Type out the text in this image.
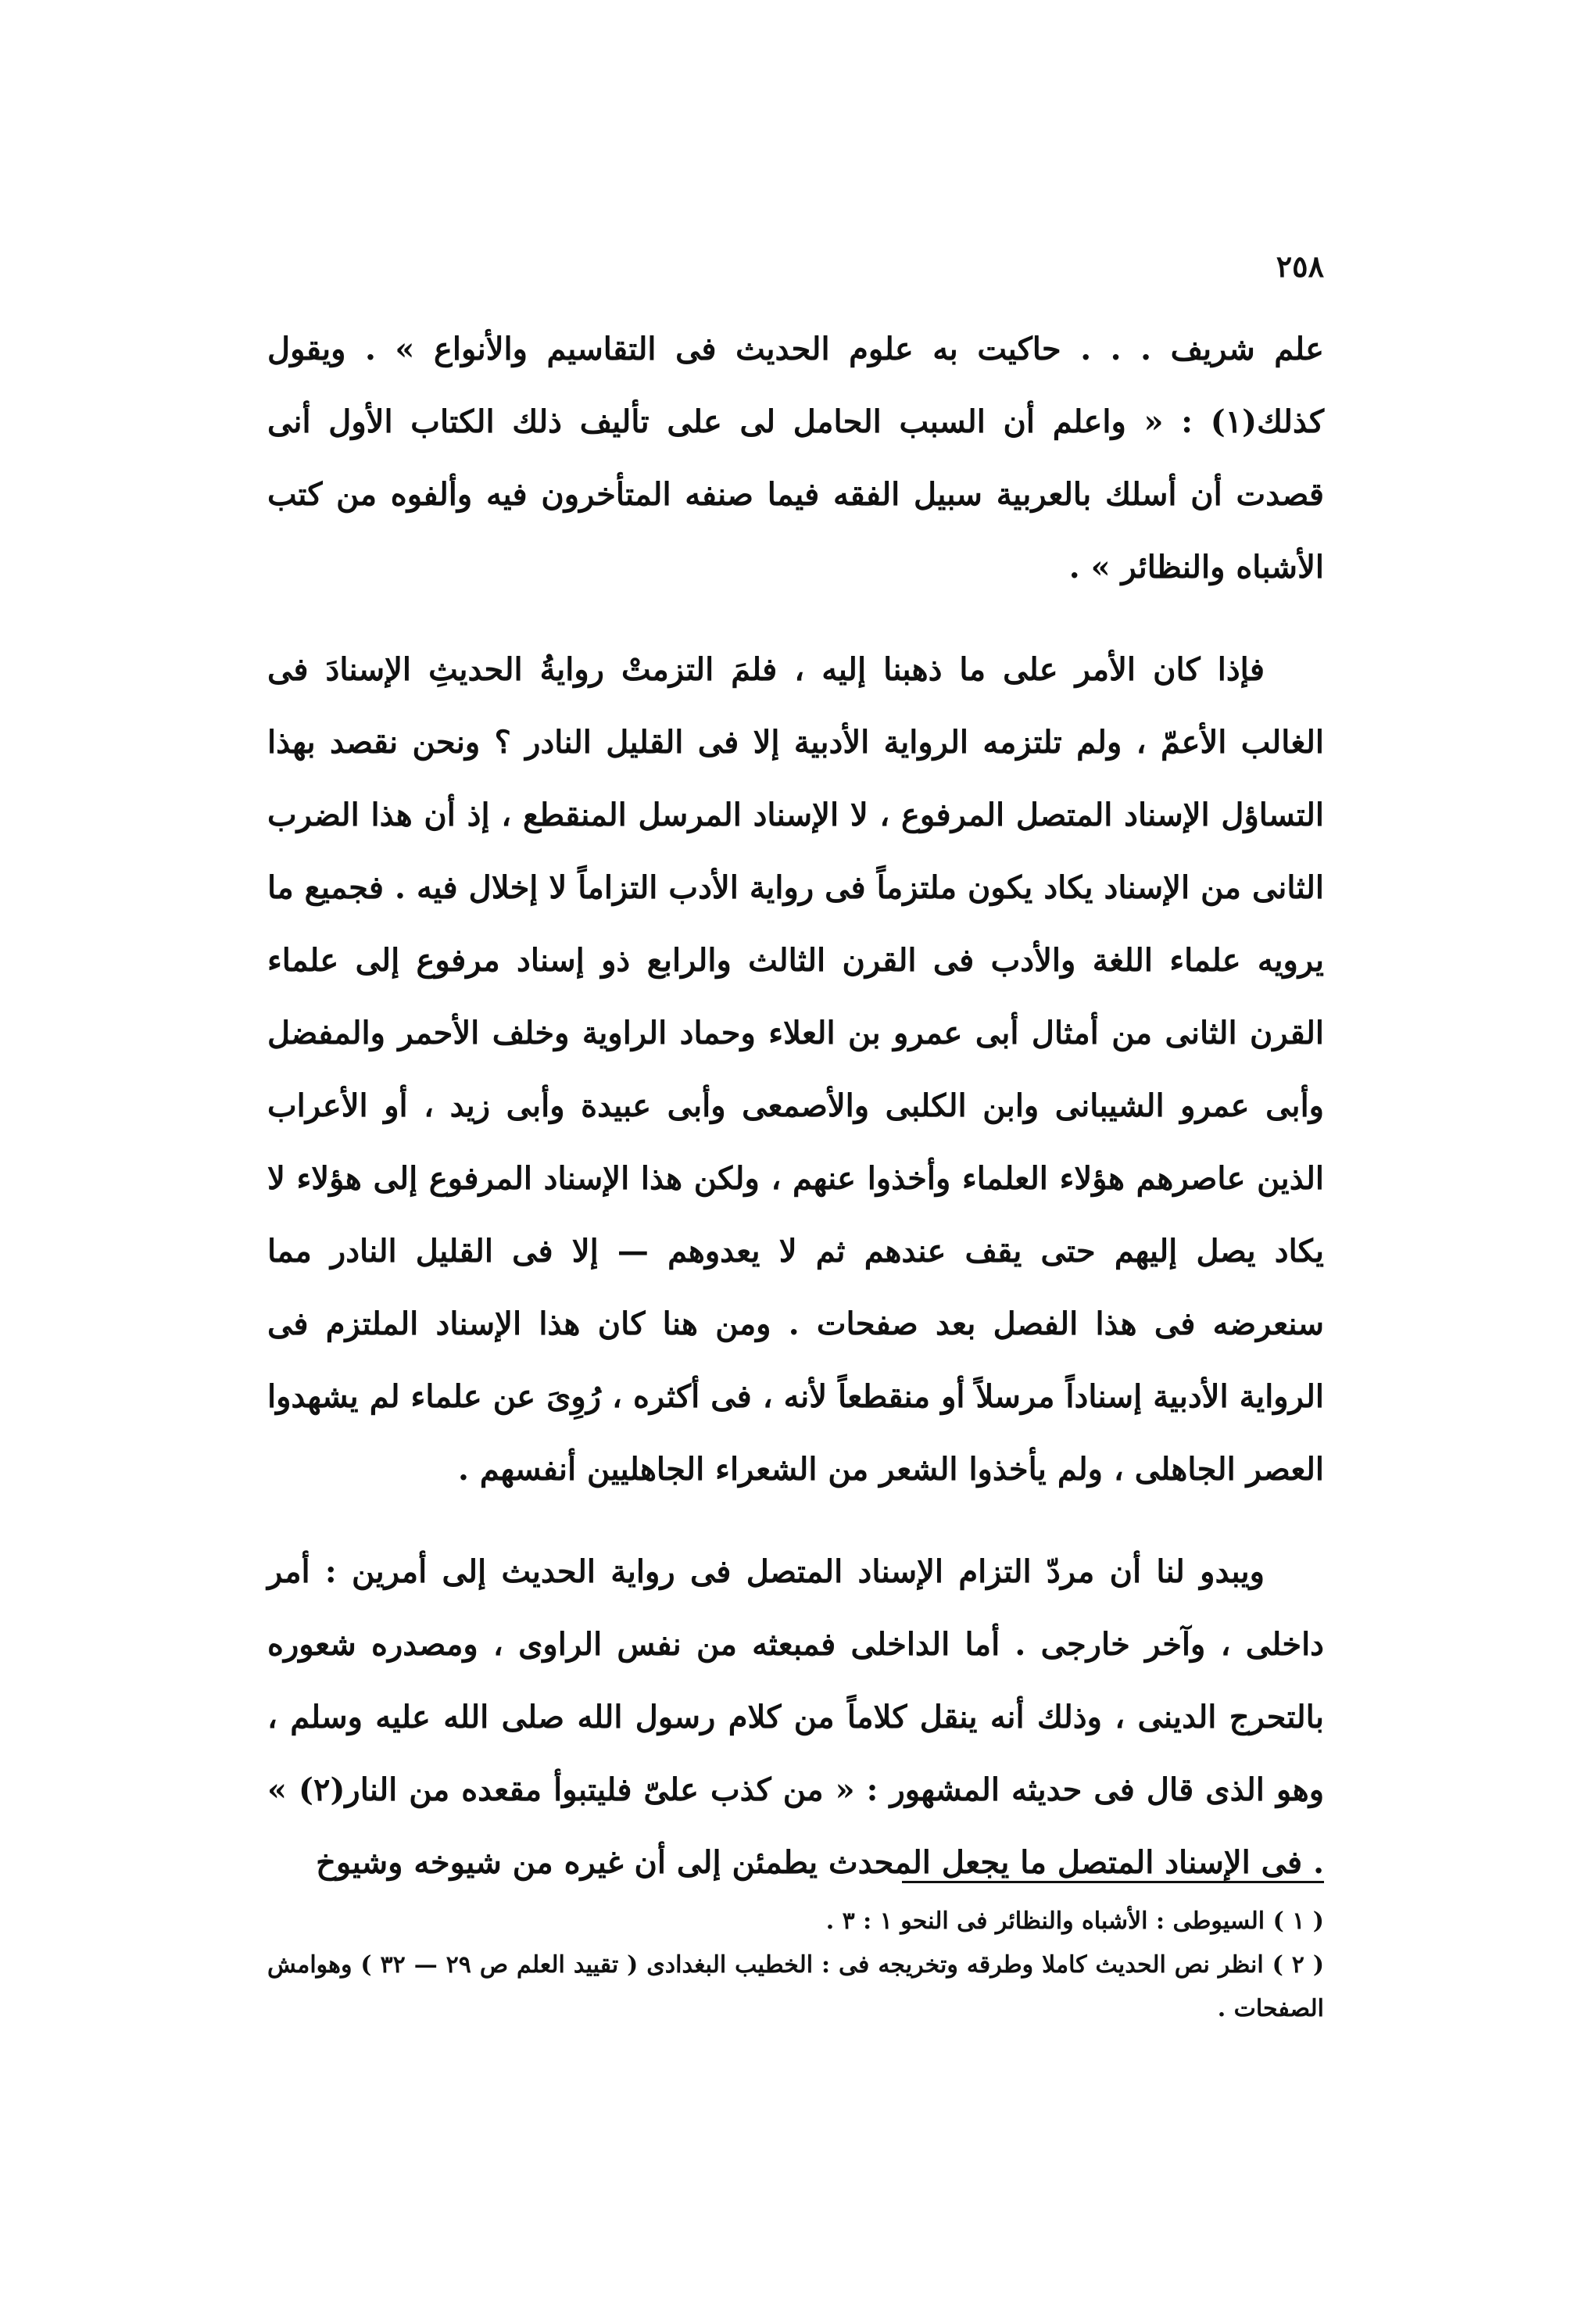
٢٥٨

علم شريف . . . حاكيت به علوم الحديث فى التقاسيم والأنواع » . ويقول كذلك(١) : « واعلم أن السبب الحامل لى على تأليف ذلك الكتاب الأول أنى قصدت أن أسلك بالعربية سبيل الفقه فيما صنفه المتأخرون فيه وألفوه من كتب الأشباه والنظائر » .

فإذا كان الأمر على ما ذهبنا إليه ، فلمَ التزمتْ روايةُ الحديثِ الإسنادَ فى الغالب الأعمّ ، ولم تلتزمه الرواية الأدبية إلا فى القليل النادر ؟ ونحن نقصد بهذا التساؤل الإسناد المتصل المرفوع ، لا الإسناد المرسل المنقطع ، إذ أن هذا الضرب الثانى من الإسناد يكاد يكون ملتزماً فى رواية الأدب التزاماً لا إخلال فيه . فجميع ما يرويه علماء اللغة والأدب فى القرن الثالث والرابع ذو إسناد مرفوع إلى علماء القرن الثانى من أمثال أبى عمرو بن العلاء وحماد الراوية وخلف الأحمر والمفضل وأبى عمرو الشيبانى وابن الكلبى والأصمعى وأبى عبيدة وأبى زيد ، أو الأعراب الذين عاصرهم هؤلاء العلماء وأخذوا عنهم ، ولكن هذا الإسناد المرفوع إلى هؤلاء لا يكاد يصل إليهم حتى يقف عندهم ثم لا يعدوهم — إلا فى القليل النادر مما سنعرضه فى هذا الفصل بعد صفحات . ومن هنا كان هذا الإسناد الملتزم فى الرواية الأدبية إسناداً مرسلاً أو منقطعاً لأنه ، فى أكثره ، رُوِىَ عن علماء لم يشهدوا العصر الجاهلى ، ولم يأخذوا الشعر من الشعراء الجاهليين أنفسهم .

ويبدو لنا أن مردّ التزام الإسناد المتصل فى رواية الحديث إلى أمرين : أمر داخلى ، وآخر خارجى . أما الداخلى فمبعثه من نفس الراوى ، ومصدره شعوره بالتحرج الدينى ، وذلك أنه ينقل كلاماً من كلام رسول الله صلى الله عليه وسلم ، وهو الذى قال فى حديثه المشهور : « من كذب علىّ فليتبوأ مقعده من النار(٢) » . فى الإسناد المتصل ما يجعل المحدث يطمئن إلى أن غيره من شيوخه وشيوخ

( ١ ) السيوطى : الأشباه والنظائر فى النحو ١ : ٣ .

( ٢ ) انظر نص الحديث كاملا وطرقه وتخريجه فى : الخطيب البغدادى ( تقييد العلم ص ٢٩ — ٣٢ ) وهوامش الصفحات .
